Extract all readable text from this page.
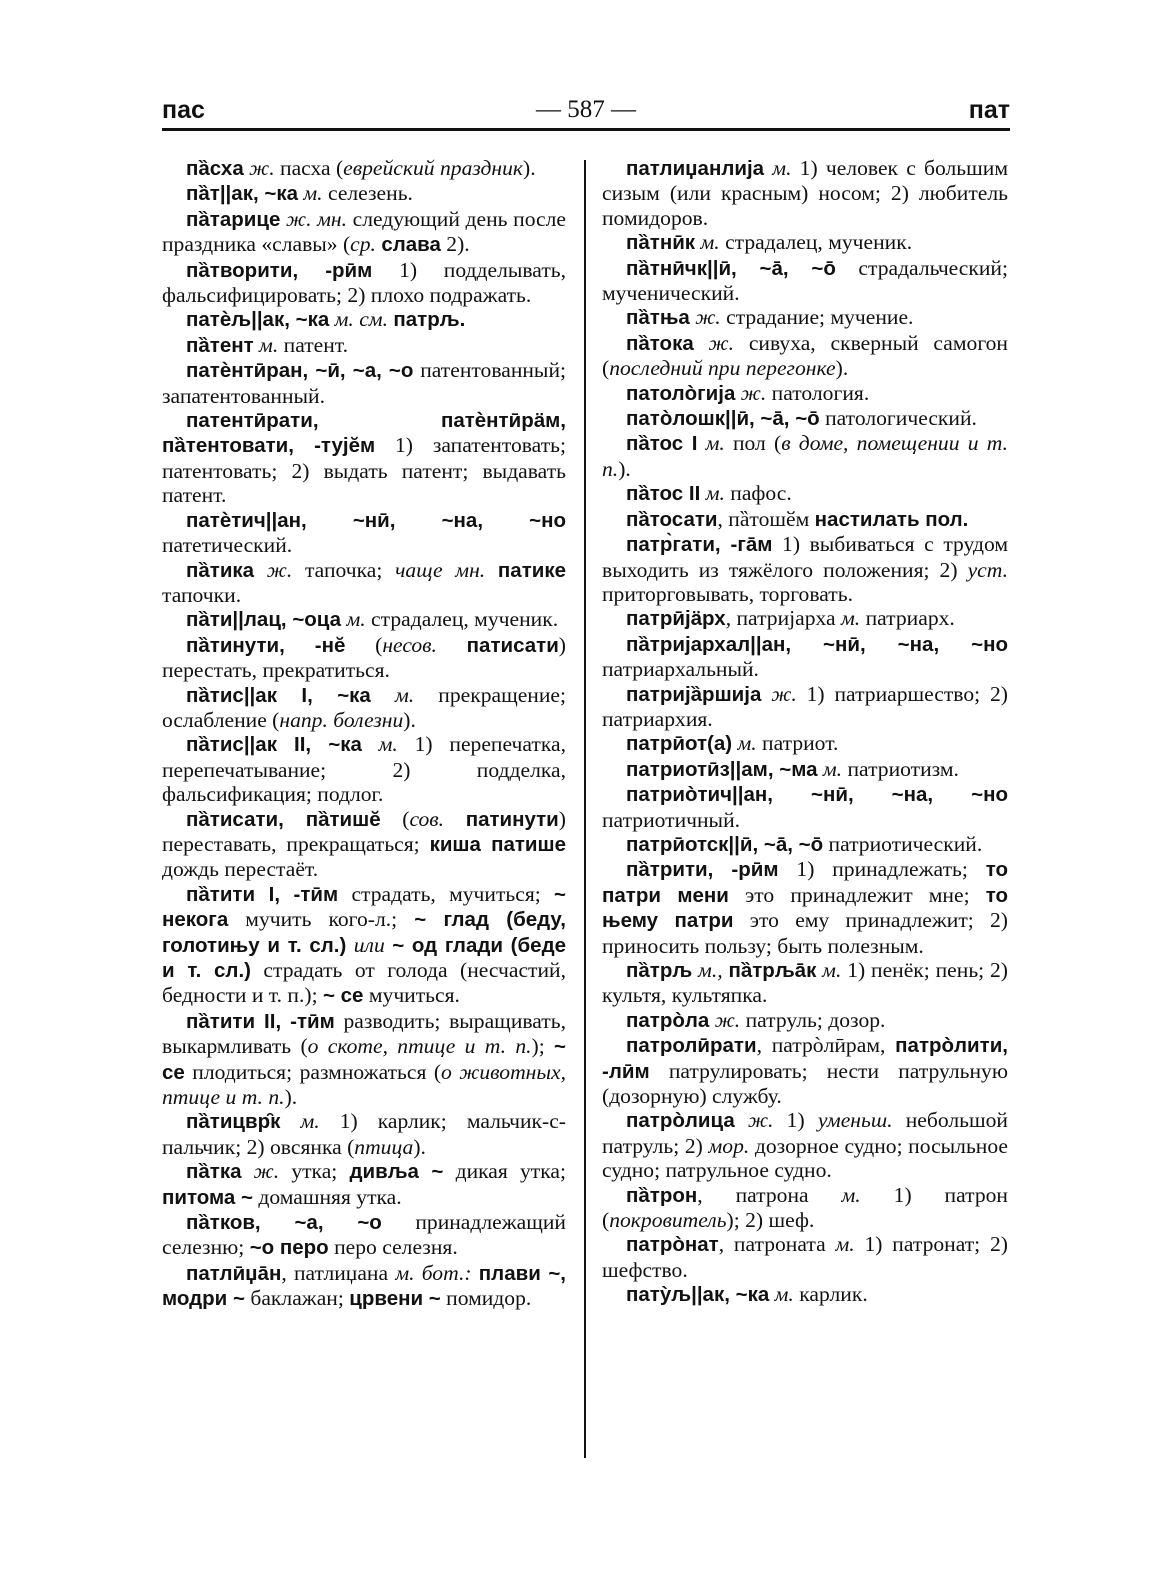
пас	— 587 —	пат

пȁсха ж. пасха (еврейский праздник).

пȁт||ак, ~ка м. селезень.

пȁтарице ж. мн. следующий день после праздника «славы» (ср. слава 2).

пȁтворити, -рӣм 1) подделывать, фальсифицировать; 2) плохо подражать.

патѐљ||ак, ~ка м. см. патрљ.

пȁтент м. патент.

патѐнтӣран, ~ӣ, ~а, ~о патентованный; запатентованный.

патентӣрати, патѐнтӣрӓм, пȁтентовати, -тујӗм 1) запатентовать; патентовать; 2) выдать патент; выдавать патент.

патѐтич||ан, ~нӣ, ~на, ~но патетический.

пȁтика ж. тапочка; чаще мн. патике тапочки.

пȁти||лац, ~оца м. страдалец, мученик.

пȁтинути, -нӗ (несов. патисати) перестать, прекратиться.

пȁтис||ак I, ~ка м. прекращение; ослабление (напр. болезни).

пȁтис||ак II, ~ка м. 1) перепечатка, перепечатывание; 2) подделка, фальсификация; подлог.

пȁтисати, пȁтишӗ (сов. патинути) переставать, прекращаться; киша патише дождь перестаёт.

пȁтити I, -тӣм страдать, мучиться; ~ некога мучить кого-л.; ~ глад (беду, голотињу и т. сл.) или ~ од глади (беде и т. сл.) страдать от голода (несчастий, бедности и т. п.); ~ се мучиться.

пȁтити II, -тӣм разводить; выращивать, выкармливать (о скоте, птице и т. п.); ~ се плодиться; размножаться (о животных, птице и т. п.).

пȁтицвр̑к м. 1) карлик; мальчик-с-пальчик; 2) овсянка (птица).

пȁтка ж. утка; дивља ~ дикая утка; питома ~ домашняя утка.

пȁтков, ~а, ~о принадлежащий селезню; ~о перо перо селезня.

патлӣџа̄н, патлиџана м. бот.: плави ~, модри ~ баклажан; црвени ~ помидор.

патлиџанлија м. 1) человек с большим сизым (или красным) носом; 2) любитель помидоров.

пȁтнӣк м. страдалец, мученик.

пȁтнӣчк||ӣ, ~а̄, ~о̄ страдальческий; мученический.

пȁтња ж. страдание; мучение.

пȁтока ж. сивуха, скверный самогон (последний при перегонке).

патолòгија ж. патология.

патòлошк||ӣ, ~а̄, ~о̄ патологический.

пȁтос I м. пол (в доме, помещении и т. п.).

пȁтос II м. пафос.

пȁтосати, пȁтошӗм настилать пол.

патр̀гати, -га̄м 1) выбиваться с трудом выходить из тяжёлого положения; 2) уст. приторговывать, торговать.

патрӣјӓрх, патријарха м. патриарх.

пȁтријархал||ан, ~нӣ, ~на, ~но патриархальный.

патријȁршија ж. 1) патриаршество; 2) патриархия.

патрӣот(а) м. патриот.

патриотӣз||ам, ~ма м. патриотизм.

патриòтич||ан, ~нӣ, ~на, ~но патриотичный.

патрӣотск||ӣ, ~а̄, ~о̄ патриотический.

пȁтрити, -рӣм 1) принадлежать; то патри мени это принадлежит мне; то њему патри это ему принадлежит; 2) приносить пользу; быть полезным.

пȁтрљ м., пȁтрља̄к м. 1) пенёк; пень; 2) культя, культяпка.

патрòла ж. патруль; дозор.

патролӣрати, патрòлӣрам, патрòлити, -лӣм патрулировать; нести патрульную (дозорную) службу.

патрòлица ж. 1) уменьш. небольшой патруль; 2) мор. дозорное судно; посыльное судно; патрульное судно.

пȁтрон, патрона м. 1) патрон (покровитель); 2) шеф.

патрòнат, патроната м. 1) патронат; 2) шефство.

патỳљ||ак, ~ка м. карлик.
